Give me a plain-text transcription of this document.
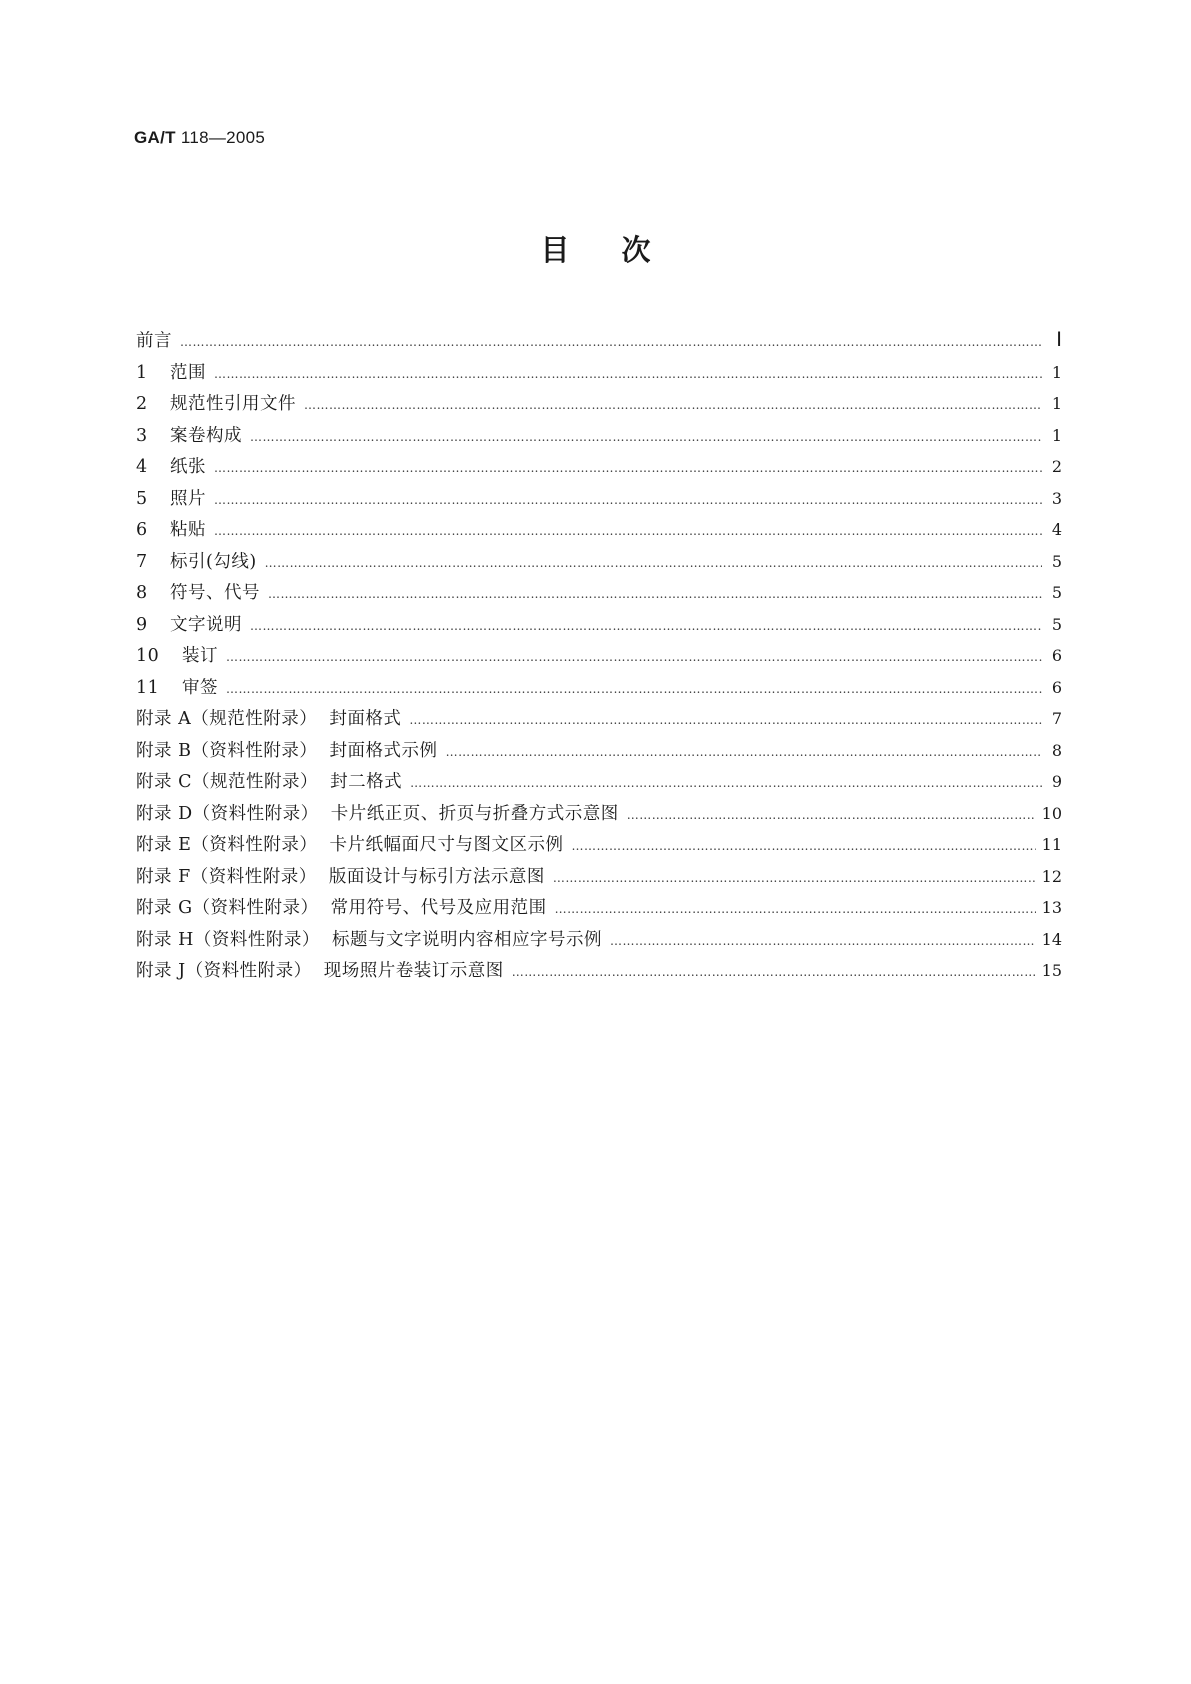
GA/T 118—2005
目次
前言 …………………………………………………………………………………………………………………………………………………………………………………………………………………………………………………………	Ⅰ
1 范围 …………………………………………………………………………………………………………………………………………………………………………………………………………………………………………………………	1
2 规范性引用文件 …………………………………………………………………………………………………………………………………………………………………………………………………………………………………………………………	1
3 案卷构成 …………………………………………………………………………………………………………………………………………………………………………………………………………………………………………………………	1
4 纸张 …………………………………………………………………………………………………………………………………………………………………………………………………………………………………………………………	2
5 照片 …………………………………………………………………………………………………………………………………………………………………………………………………………………………………………………………	3
6 粘贴 …………………………………………………………………………………………………………………………………………………………………………………………………………………………………………………………	4
7 标引(勾线) …………………………………………………………………………………………………………………………………………………………………………………………………………………………………………………………	5
8 符号、代号 …………………………………………………………………………………………………………………………………………………………………………………………………………………………………………………………	5
9 文字说明 …………………………………………………………………………………………………………………………………………………………………………………………………………………………………………………………	5
10 装订 …………………………………………………………………………………………………………………………………………………………………………………………………………………………………………………………	6
11 审签 …………………………………………………………………………………………………………………………………………………………………………………………………………………………………………………………	6
附录 A（规范性附录）  封面格式 …………………………………………………………………………………………………………………………………………………………………………………………………………………………………………………………	7
附录 B（资料性附录）  封面格式示例 …………………………………………………………………………………………………………………………………………………………………………………………………………………………………………………………	8
附录 C（规范性附录）  封二格式 …………………………………………………………………………………………………………………………………………………………………………………………………………………………………………………………	9
附录 D（资料性附录）  卡片纸正页、折页与折叠方式示意图 …………………………………………………………………………………………………………………………………………………………………………………………………………………………………………………………	10
附录 E（资料性附录）  卡片纸幅面尺寸与图文区示例 …………………………………………………………………………………………………………………………………………………………………………………………………………………………………………………………	11
附录 F（资料性附录）  版面设计与标引方法示意图 …………………………………………………………………………………………………………………………………………………………………………………………………………………………………………………………	12
附录 G（资料性附录）  常用符号、代号及应用范围 …………………………………………………………………………………………………………………………………………………………………………………………………………………………………………………………	13
附录 H（资料性附录）  标题与文字说明内容相应字号示例 …………………………………………………………………………………………………………………………………………………………………………………………………………………………………………………………	14
附录 J（资料性附录）  现场照片卷装订示意图 …………………………………………………………………………………………………………………………………………………………………………………………………………………………………………………………	15
